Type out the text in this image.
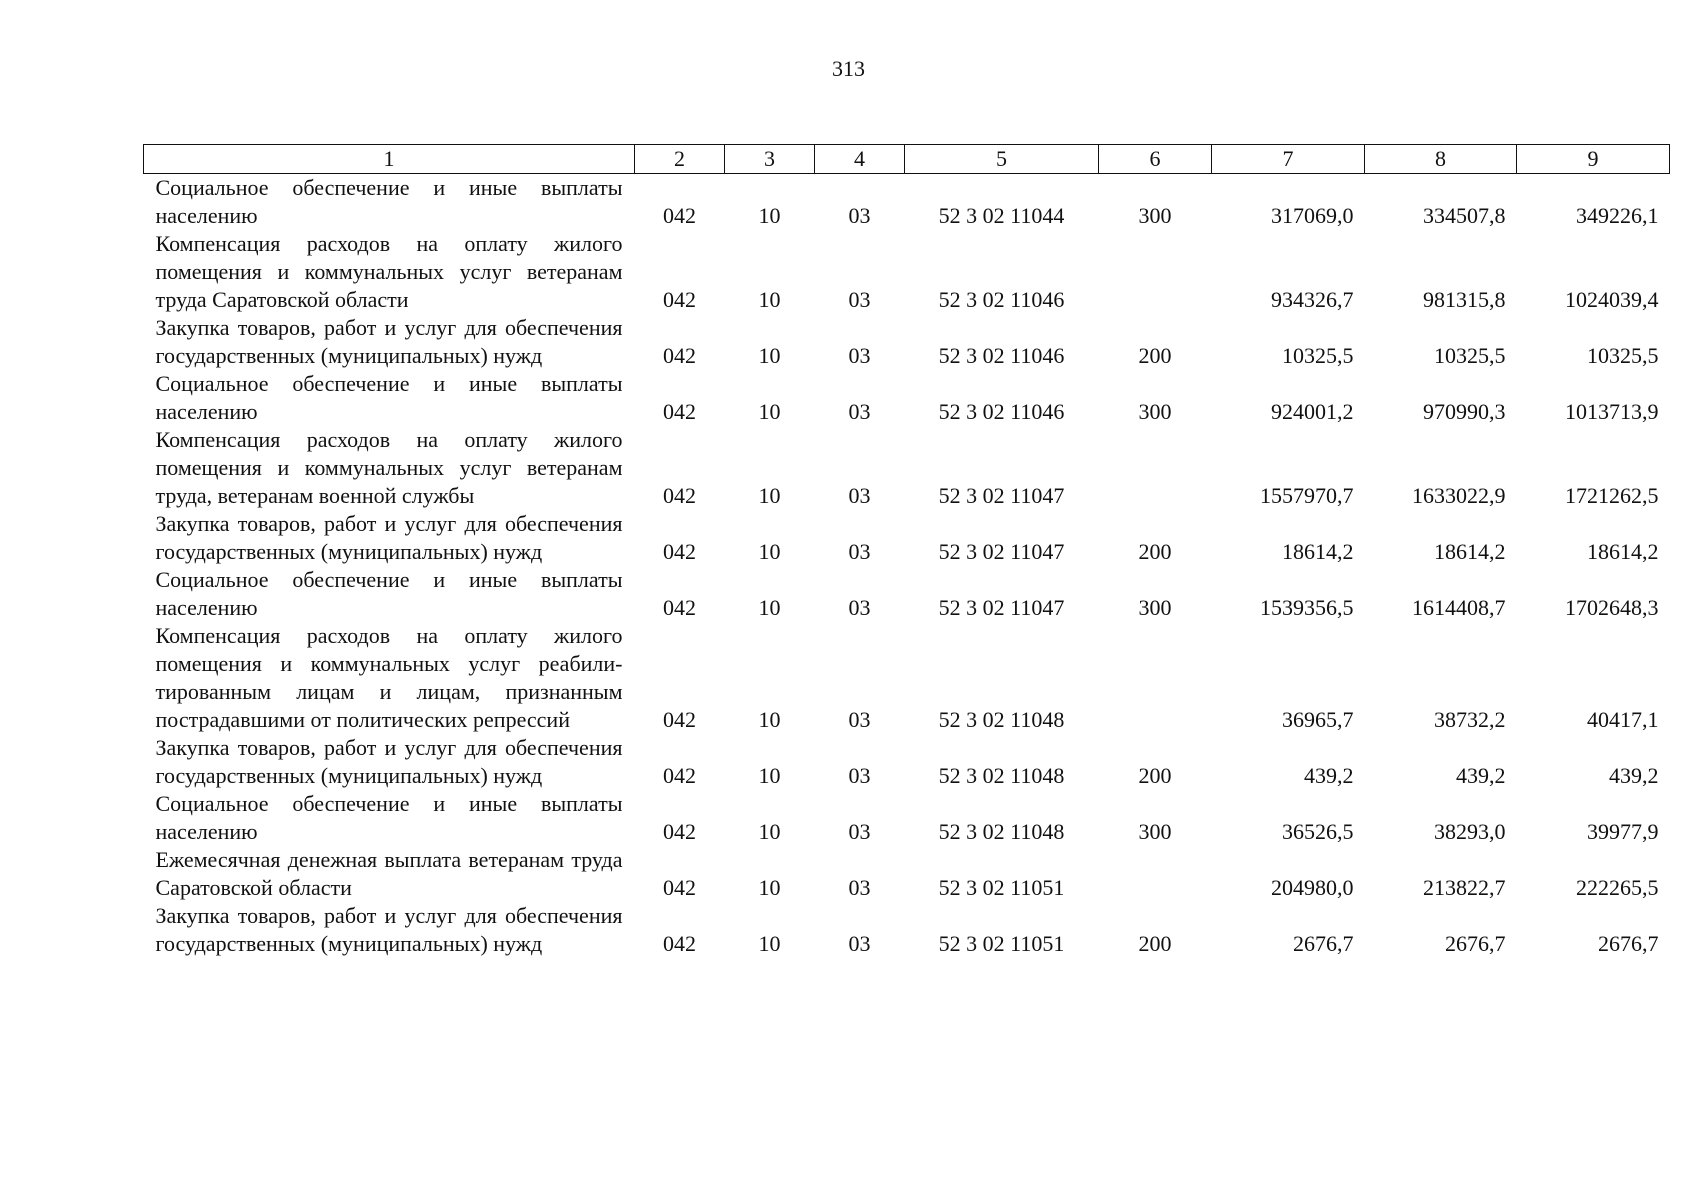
313
1	2	3	4	5	6	7	8	9
Социальное обеспечение и иные выплаты населению	042	10	03	52 3 02 11044	300	317069,0	334507,8	349226,1
Компенсация расходов на оплату жилого помещения и коммунальных услуг ветеранам труда Саратовской области	042	10	03	52 3 02 11046		934326,7	981315,8	1024039,4
Закупка товаров, работ и услуг для обеспечения государственных (муниципальных) нужд	042	10	03	52 3 02 11046	200	10325,5	10325,5	10325,5
Социальное обеспечение и иные выплаты населению	042	10	03	52 3 02 11046	300	924001,2	970990,3	1013713,9
Компенсация расходов на оплату жилого помещения и коммунальных услуг ветеранам труда, ветеранам военной службы	042	10	03	52 3 02 11047		1557970,7	1633022,9	1721262,5
Закупка товаров, работ и услуг для обеспечения государственных (муниципальных) нужд	042	10	03	52 3 02 11047	200	18614,2	18614,2	18614,2
Социальное обеспечение и иные выплаты населению	042	10	03	52 3 02 11047	300	1539356,5	1614408,7	1702648,3
Компенсация расходов на оплату жилого помещения и коммунальных услуг реабилитированным лицам и лицам, признанным пострадавшими от политических репрессий	042	10	03	52 3 02 11048		36965,7	38732,2	40417,1
Закупка товаров, работ и услуг для обеспечения государственных (муниципальных) нужд	042	10	03	52 3 02 11048	200	439,2	439,2	439,2
Социальное обеспечение и иные выплаты населению	042	10	03	52 3 02 11048	300	36526,5	38293,0	39977,9
Ежемесячная денежная выплата ветеранам труда Саратовской области	042	10	03	52 3 02 11051		204980,0	213822,7	222265,5
Закупка товаров, работ и услуг для обеспечения государственных (муниципальных) нужд	042	10	03	52 3 02 11051	200	2676,7	2676,7	2676,7
